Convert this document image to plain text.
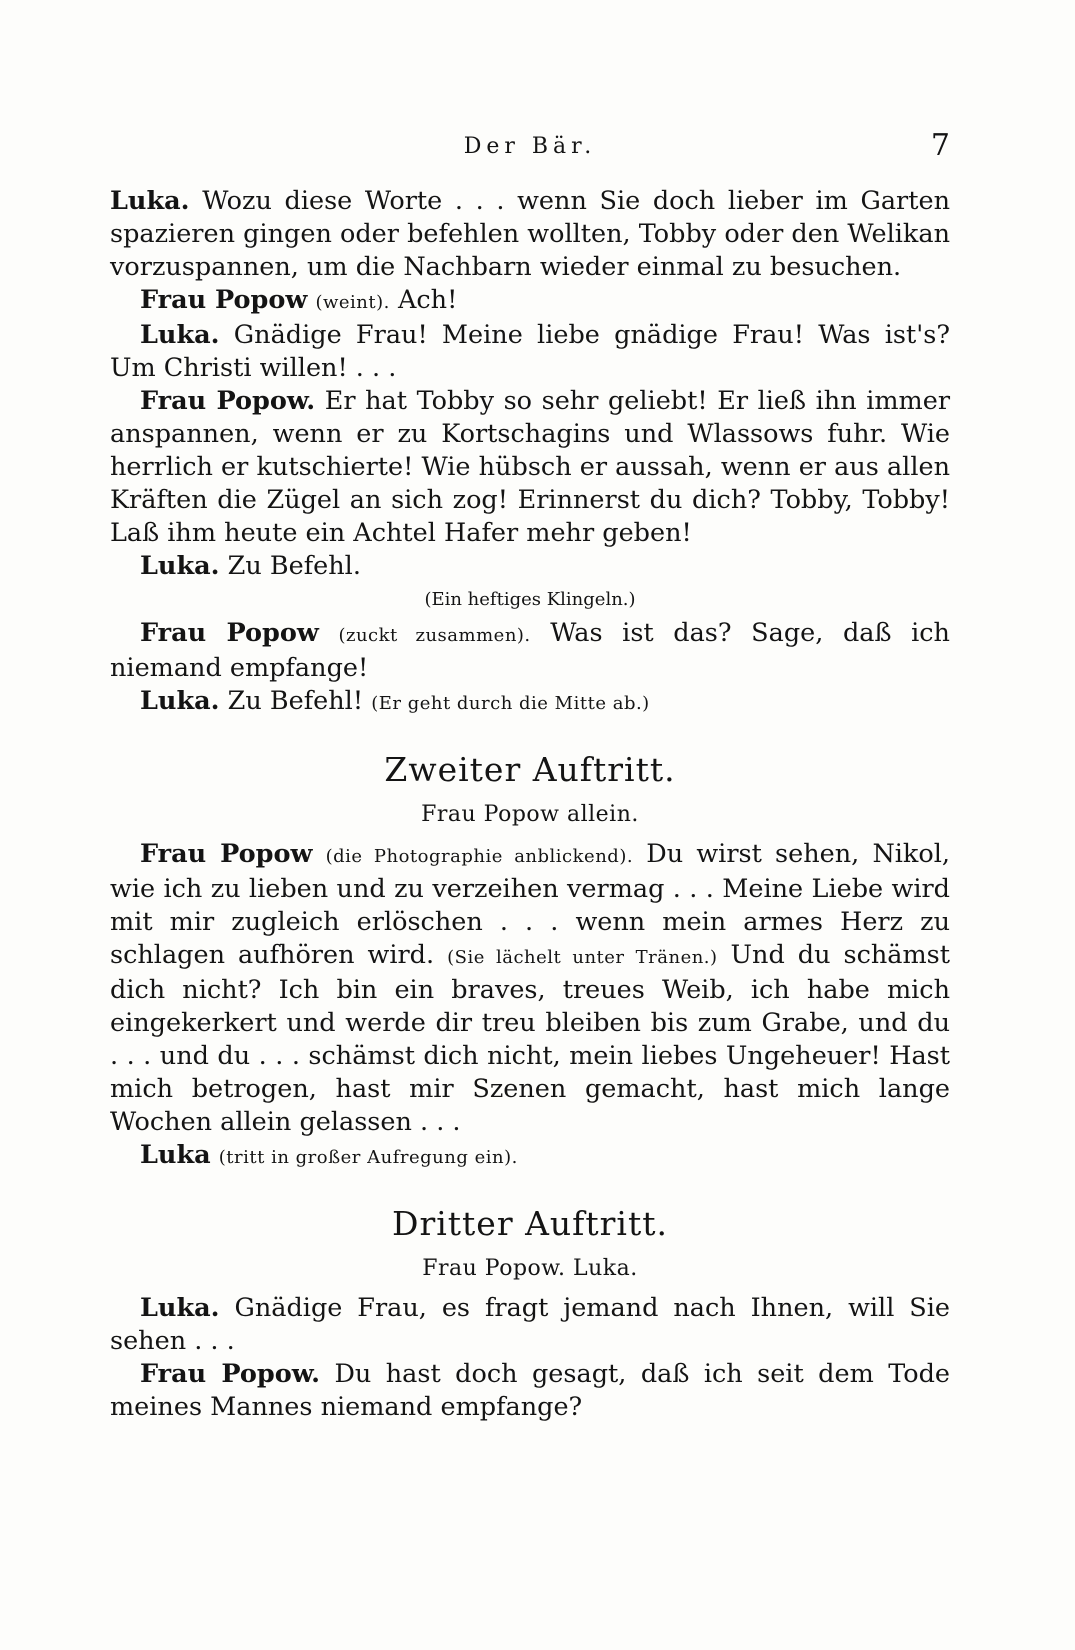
Der Bär.	7

Luka. Wozu diese Worte . . . wenn Sie doch lieber im Garten spazieren gingen oder befehlen wollten, Tobby oder den Welikan vorzuspannen, um die Nachbarn wieder einmal zu besuchen.

Frau Popow (weint). Ach!

Luka. Gnädige Frau! Meine liebe gnädige Frau! Was ist's? Um Christi willen! . . .

Frau Popow. Er hat Tobby so sehr geliebt! Er ließ ihn immer anspannen, wenn er zu Kortschagins und Wlassows fuhr. Wie herrlich er kutschierte! Wie hübsch er aussah, wenn er aus allen Kräften die Zügel an sich zog! Erinnerst du dich? Tobby, Tobby! Laß ihm heute ein Achtel Hafer mehr geben!

Luka. Zu Befehl.

(Ein heftiges Klingeln.)

Frau Popow (zuckt zusammen). Was ist das? Sage, daß ich niemand empfange!

Luka. Zu Befehl! (Er geht durch die Mitte ab.)

Zweiter Auftritt.

Frau Popow allein.

Frau Popow (die Photographie anblickend). Du wirst sehen, Nikol, wie ich zu lieben und zu verzeihen vermag . . . Meine Liebe wird mit mir zugleich erlöschen . . . wenn mein armes Herz zu schlagen aufhören wird. (Sie lächelt unter Tränen.) Und du schämst dich nicht? Ich bin ein braves, treues Weib, ich habe mich eingekerkert und werde dir treu bleiben bis zum Grabe, und du . . . und du . . . schämst dich nicht, mein liebes Ungeheuer! Hast mich betrogen, hast mir Szenen gemacht, hast mich lange Wochen allein gelassen . . .

Luka (tritt in großer Aufregung ein).

Dritter Auftritt.

Frau Popow. Luka.

Luka. Gnädige Frau, es fragt jemand nach Ihnen, will Sie sehen . . .

Frau Popow. Du hast doch gesagt, daß ich seit dem Tode meines Mannes niemand empfange?
